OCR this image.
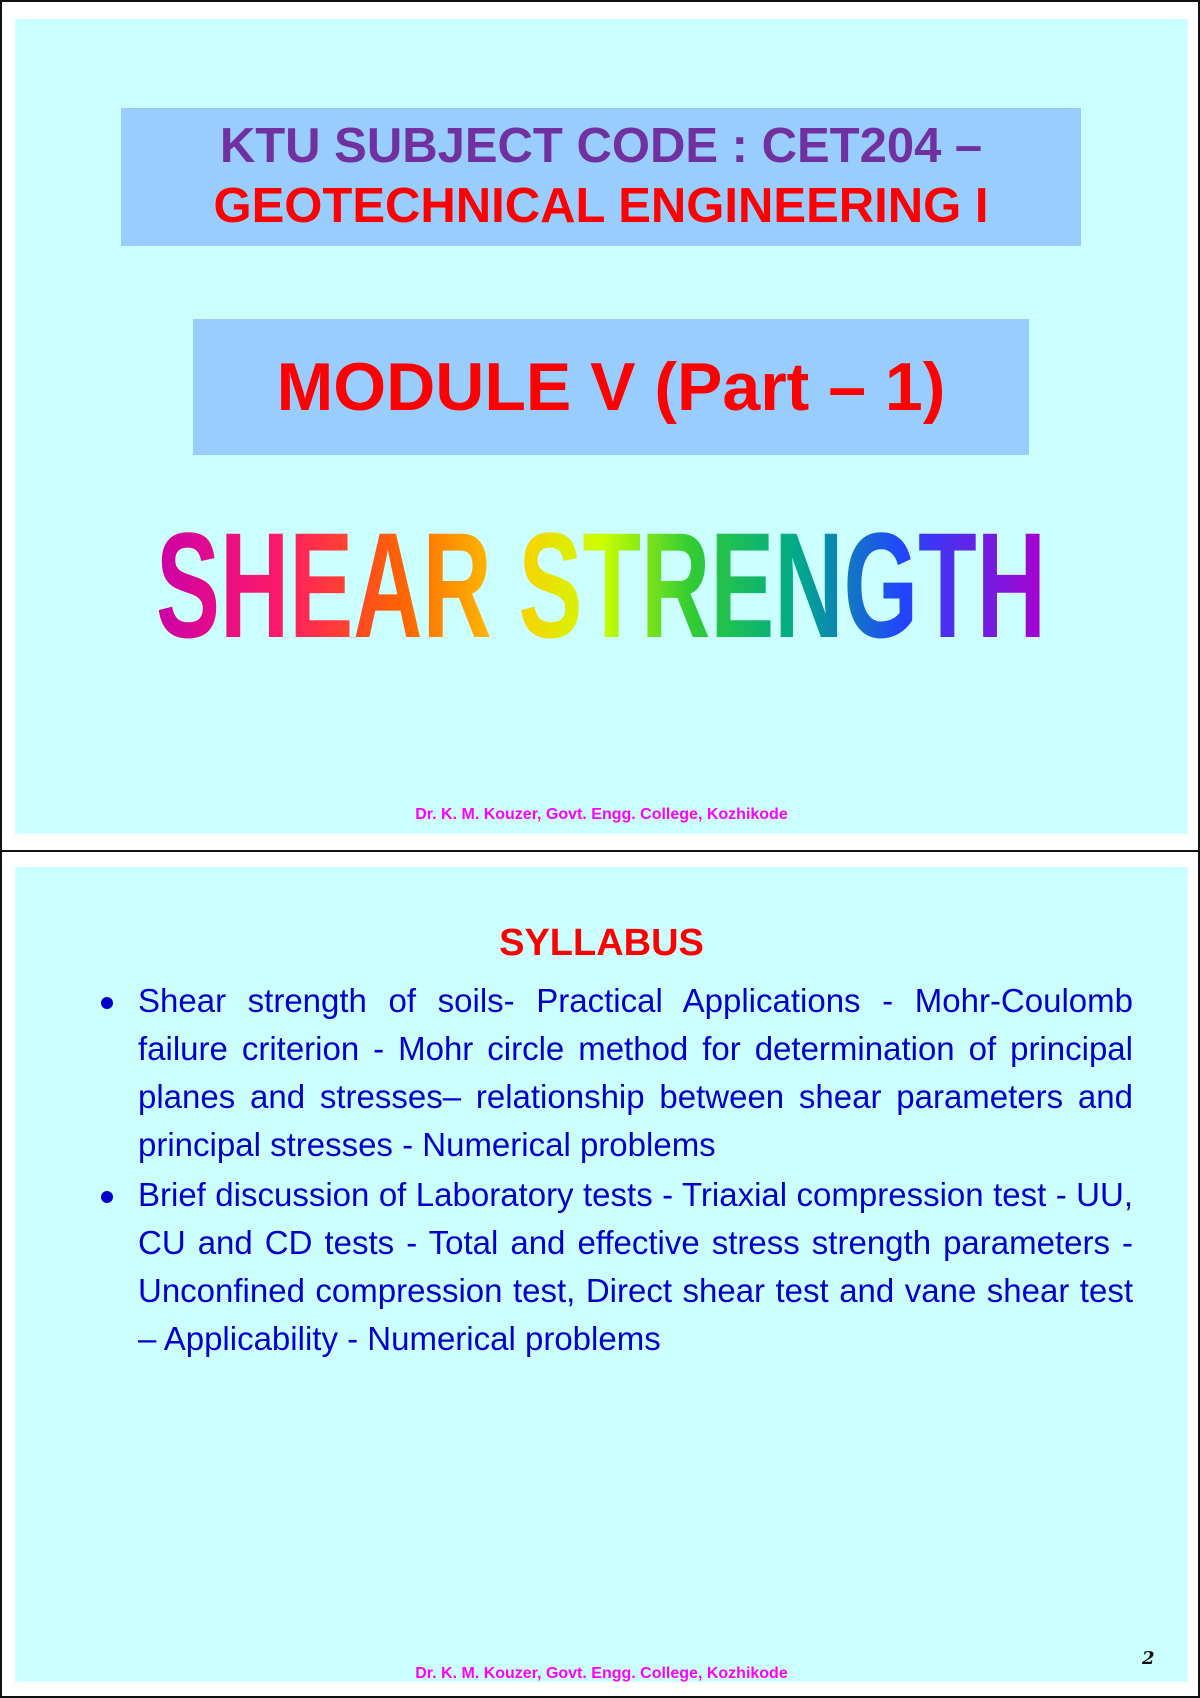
KTU SUBJECT CODE : CET204 –
GEOTECHNICAL ENGINEERING I
MODULE V (Part – 1)
SHEAR STRENGTH
Dr. K. M. Kouzer, Govt. Engg. College, Kozhikode
SYLLABUS
Shear strength of soils- Practical Applications - Mohr-Coulomb failure criterion - Mohr circle method for determination of principal planes and stresses– relationship between shear parameters and principal stresses - Numerical problems
Brief discussion of Laboratory tests - Triaxial compression test - UU, CU and CD tests - Total and effective stress strength parameters - Unconfined compression test, Direct shear test and vane shear test – Applicability - Numerical problems
Dr. K. M. Kouzer, Govt. Engg. College, Kozhikode
2
